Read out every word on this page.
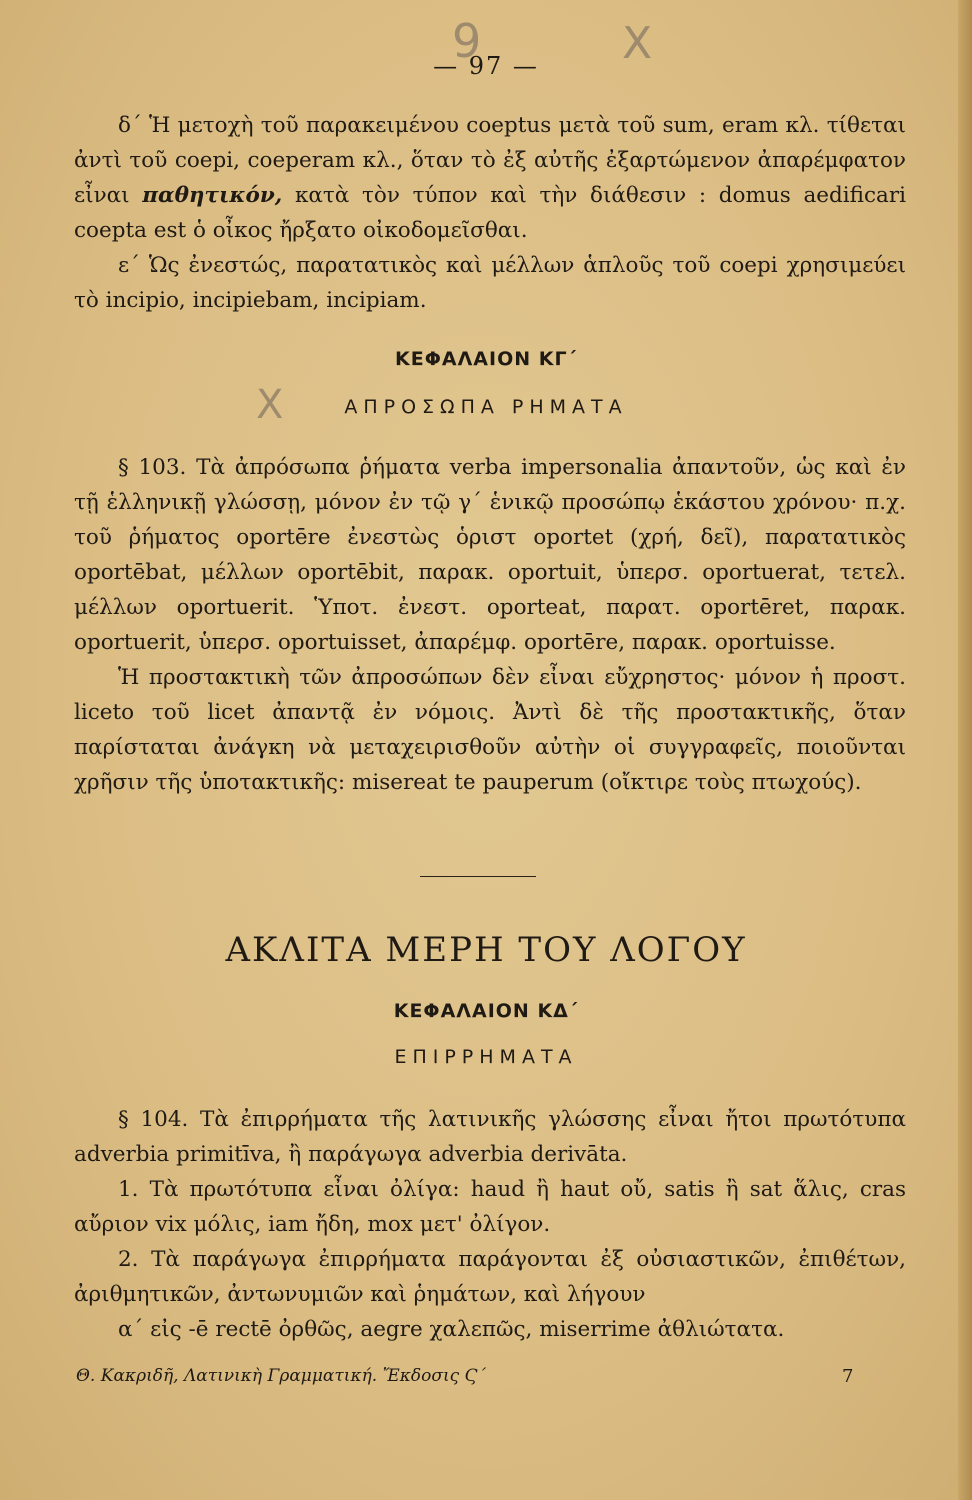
9	X
— 97 —

δ΄ Ἡ μετοχὴ τοῦ παρακειμένου coeptus μετὰ τοῦ sum, eram κλ. τίθεται ἀντὶ τοῦ coepi, coeperam κλ., ὅταν τὸ ἐξ αὐτῆς ἐξαρτώμενον ἀπαρέμφατον εἶναι παθητικόν, κατὰ τὸν τύπον καὶ τὴν διάθεσιν : domus aedificari coepta est ὁ οἶκος ἤρξατο οἰκοδομεῖσθαι.

ε΄ Ὡς ἐνεστώς, παρατατικὸς καὶ μέλλων ἁπλοῦς τοῦ coepi χρησιμεύει τὸ incipio, incipiebam, incipiam.

ΚΕΦΑΛΑΙΟΝ ΚΓ΄
X	ΑΠΡΟΣΩΠΑ ΡΗΜΑΤΑ

§ 103. Τὰ ἀπρόσωπα ῥήματα verba impersonalia ἀπαντοῦν, ὡς καὶ ἐν τῇ ἑλληνικῇ γλώσσῃ, μόνον ἐν τῷ γ΄ ἑνικῷ προσώπῳ ἑκάστου χρόνου· π.χ. τοῦ ῥήματος oportēre ἐνεστὼς ὁριστ oportet (χρή, δεῖ), παρατατικὸς oportēbat, μέλλων oportēbit, παρακ. oportuit, ὑπερσ. oportuerat, τετελ. μέλλων oportuerit. Ὑποτ. ἐνεστ. oporteat, παρατ. oportēret, παρακ. oportuerit, ὑπερσ. oportuisset, ἀπαρέμφ. oportēre, παρακ. oportuisse.

Ἡ προστακτικὴ τῶν ἀπροσώπων δὲν εἶναι εὔχρηστος· μόνον ἡ προστ. liceto τοῦ licet ἀπαντᾷ ἐν νόμοις. Ἀντὶ δὲ τῆς προστακτικῆς, ὅταν παρίσταται ἀνάγκη νὰ μεταχειρισθοῦν αὐτὴν οἱ συγγραφεῖς, ποιοῦνται χρῆσιν τῆς ὑποτακτικῆς: misereat te pauperum (οἴκτιρε τοὺς πτωχούς).

ΑΚΛΙΤΑ ΜΕΡΗ ΤΟΥ ΛΟΓΟΥ
ΚΕΦΑΛΑΙΟΝ ΚΔ΄
ΕΠΙΡΡΗΜΑΤΑ

§ 104. Τὰ ἐπιρρήματα τῆς λατινικῆς γλώσσης εἶναι ἤτοι πρωτότυπα adverbia primitīva, ἢ παράγωγα adverbia derivāta.

1. Τὰ πρωτότυπα εἶναι ὀλίγα: haud ἢ haut οὔ, satis ἢ sat ἅλις, cras αὔριον vix μόλις, iam ἤδη, mox μετ' ὀλίγον.

2. Τὰ παράγωγα ἐπιρρήματα παράγονται ἐξ οὐσιαστικῶν, ἐπιθέτων, ἀριθμητικῶν, ἀντωνυμιῶν καὶ ῥημάτων, καὶ λήγουν

α΄ εἰς -ē rectē ὀρθῶς, aegre χαλεπῶς, miserrime ἀθλιώτατα.

Θ. Κακριδῆ, Λατινικὴ Γραμματική. Ἔκδοσις Ϛ΄	7
